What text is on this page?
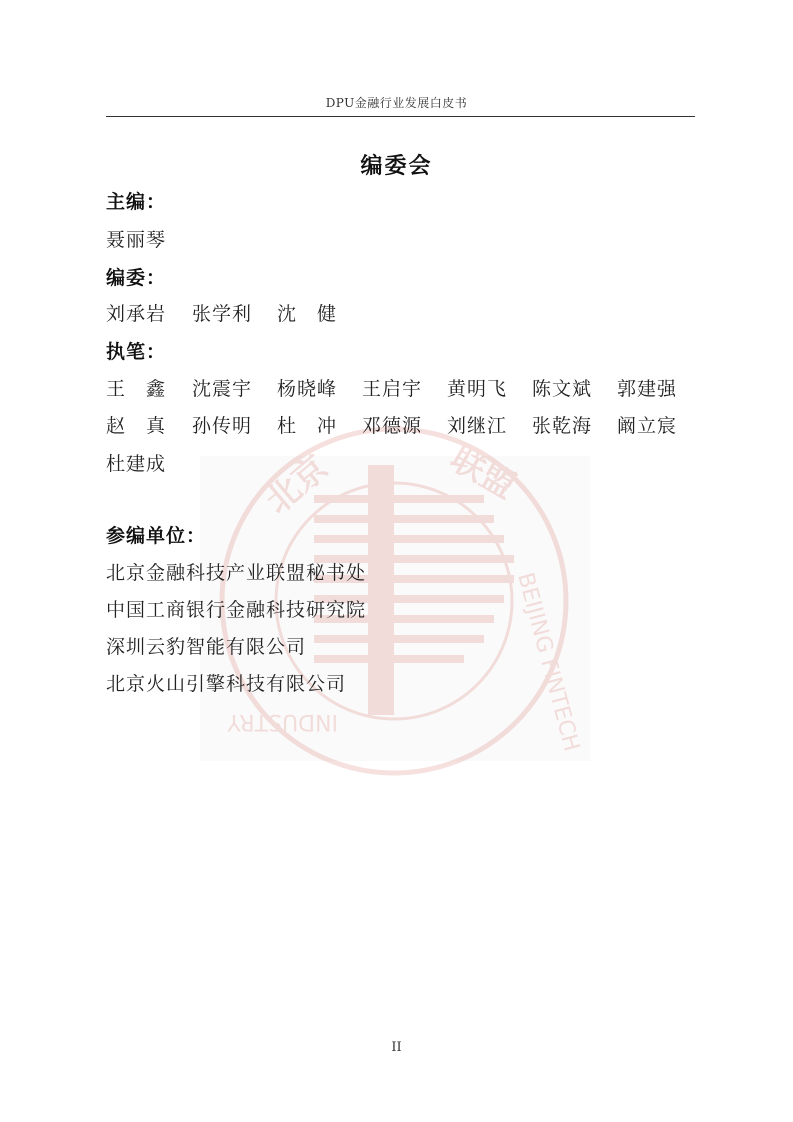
北京	联盟
BEIJING FINTECH
INDUSTRY
DPU金融行业发展白皮书
编委会
主编：
聂丽琴
编委：
刘承岩 张学利 沈　健
执笔：
王　鑫 沈震宇 杨晓峰 王启宇 黄明飞 陈文斌 郭建强
赵　真 孙传明 杜　冲 邓德源 刘继江 张乾海 阚立宸
杜建成
参编单位：
北京金融科技产业联盟秘书处
中国工商银行金融科技研究院
深圳云豹智能有限公司
北京火山引擎科技有限公司
II
